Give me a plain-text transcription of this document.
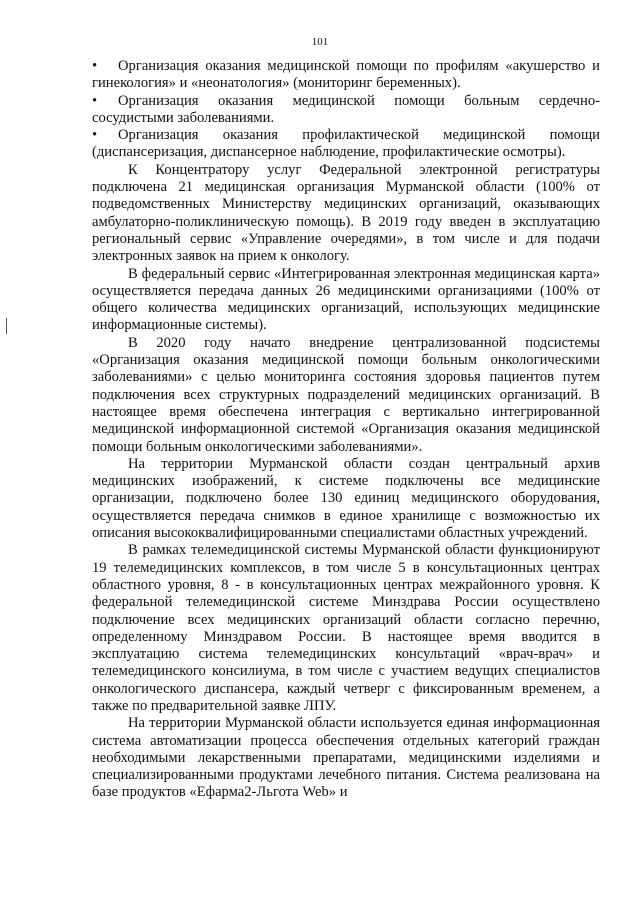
101

• Организация оказания медицинской помощи по профилям «акушерство и гинекология» и «неонатология» (мониторинг беременных).

• Организация оказания медицинской помощи больным сердечно-сосудистыми заболеваниями.

• Организация оказания профилактической медицинской помощи (диспансеризация, диспансерное наблюдение, профилактические осмотры).

К Концентратору услуг Федеральной электронной регистратуры подключена 21 медицинская организация Мурманской области (100% от подведомственных Министерству медицинских организаций, оказывающих амбулаторно-поликлиническую помощь). В 2019 году введен в эксплуатацию региональный сервис «Управление очередями», в том числе и для подачи электронных заявок на прием к онкологу.

В федеральный сервис «Интегрированная электронная медицинская карта» осуществляется передача данных 26 медицинскими организациями (100% от общего количества медицинских организаций, использующих медицинские информационные системы).

В 2020 году начато внедрение централизованной подсистемы «Организация оказания медицинской помощи больным онкологическими заболеваниями» с целью мониторинга состояния здоровья пациентов путем подключения всех структурных подразделений медицинских организаций. В настоящее время обеспечена интеграция с вертикально интегрированной медицинской информационной системой «Организация оказания медицинской помощи больным онкологическими заболеваниями».

На территории Мурманской области создан центральный архив медицинских изображений, к системе подключены все медицинские организации, подключено более 130 единиц медицинского оборудования, осуществляется передача снимков в единое хранилище с возможностью их описания высококвалифицированными специалистами областных учреждений.

В рамках телемедицинской системы Мурманской области функционируют 19 телемедицинских комплексов, в том числе 5 в консультационных центрах областного уровня, 8 - в консультационных центрах межрайонного уровня. К федеральной телемедицинской системе Минздрава России осуществлено подключение всех медицинских организаций области согласно перечню, определенному Минздравом России. В настоящее время вводится в эксплуатацию система телемедицинских консультаций «врач-врач» и телемедицинского консилиума, в том числе с участием ведущих специалистов онкологического диспансера, каждый четверг с фиксированным временем, а также по предварительной заявке ЛПУ.

На территории Мурманской области используется единая информационная система автоматизации процесса обеспечения отдельных категорий граждан необходимыми лекарственными препаратами, медицинскими изделиями и специализированными продуктами лечебного питания. Система реализована на базе продуктов «Ефарма2-Льгота Web» и
